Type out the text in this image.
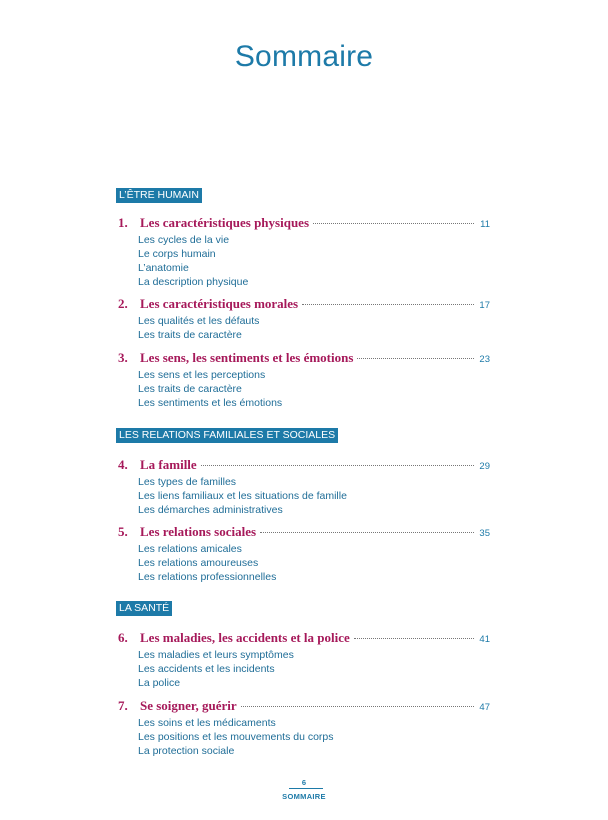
Sommaire
L’ÊTRE HUMAIN
1. Les caractéristiques physiques	11
Les cycles de la vie
Le corps humain
L’anatomie
La description physique
2. Les caractéristiques morales	17
Les qualités et les défauts
Les traits de caractère
3. Les sens, les sentiments et les émotions	23
Les sens et les perceptions
Les traits de caractère
Les sentiments et les émotions
LES RELATIONS FAMILIALES ET SOCIALES
4. La famille	29
Les types de familles
Les liens familiaux et les situations de famille
Les démarches administratives
5. Les relations sociales	35
Les relations amicales
Les relations amoureuses
Les relations professionnelles
LA SANTÉ
6. Les maladies, les accidents et la police	41
Les maladies et leurs symptômes
Les accidents et les incidents
La police
7. Se soigner, guérir	47
Les soins et les médicaments
Les positions et les mouvements du corps
La protection sociale
6
SOMMAIRE
